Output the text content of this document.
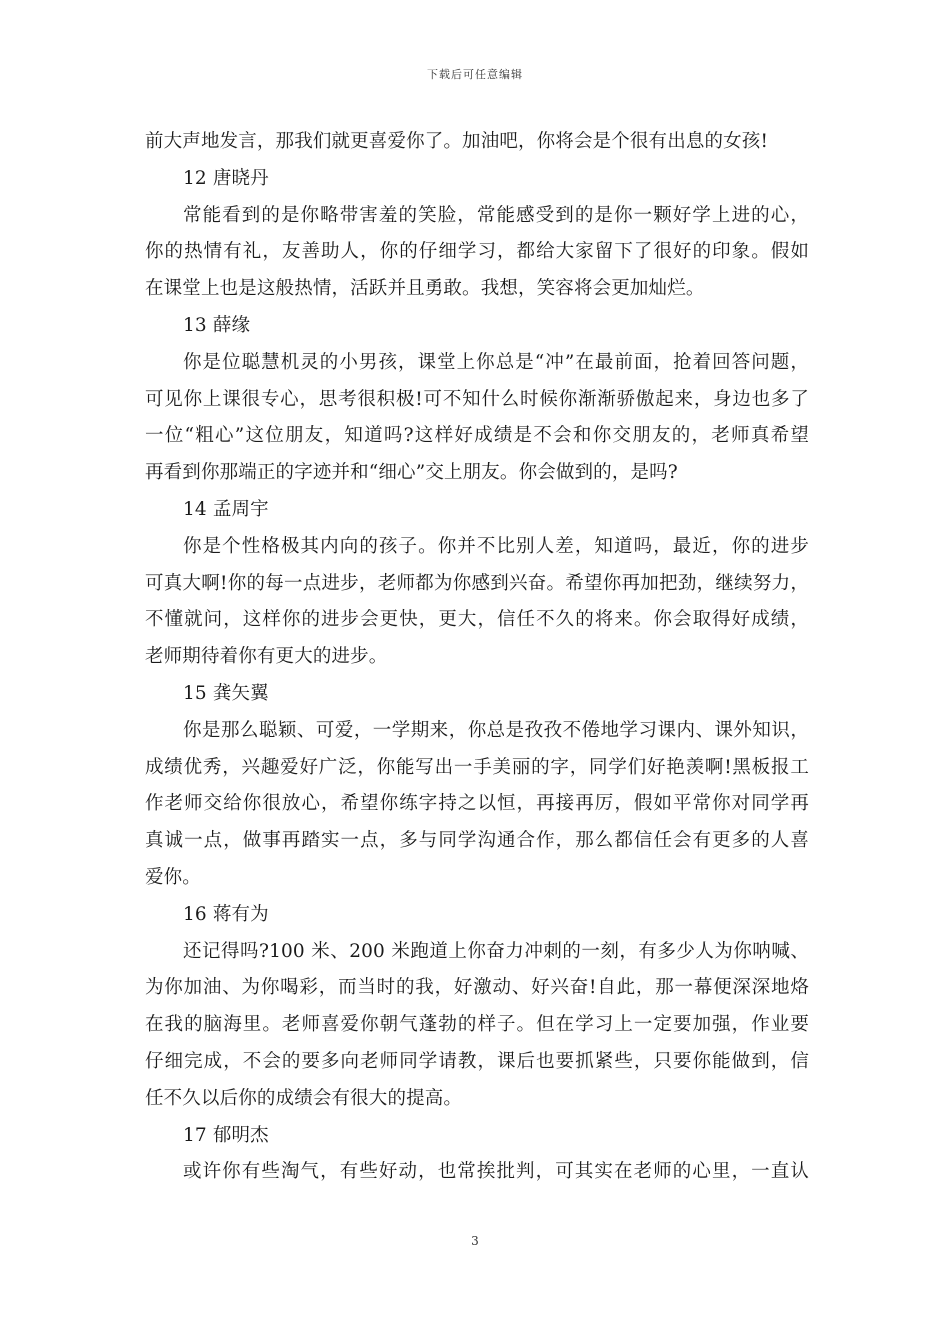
下载后可任意编辑
前大声地发言，那我们就更喜爱你了。加油吧，你将会是个很有出息的女孩!
12 唐晓丹
常能看到的是你略带害羞的笑脸，常能感受到的是你一颗好学上进的心，
你的热情有礼，友善助人，你的仔细学习，都给大家留下了很好的印象。假如
在课堂上也是这般热情，活跃并且勇敢。我想，笑容将会更加灿烂。
13 薛缘
你是位聪慧机灵的小男孩，课堂上你总是“冲”在最前面，抢着回答问题，
可见你上课很专心，思考很积极!可不知什么时候你渐渐骄傲起来，身边也多了
一位“粗心”这位朋友，知道吗?这样好成绩是不会和你交朋友的，老师真希望
再看到你那端正的字迹并和“细心”交上朋友。你会做到的，是吗?
14 孟周宇
你是个性格极其内向的孩子。你并不比别人差，知道吗，最近，你的进步
可真大啊!你的每一点进步，老师都为你感到兴奋。希望你再加把劲，继续努力，
不懂就问，这样你的进步会更快，更大，信任不久的将来。你会取得好成绩，
老师期待着你有更大的进步。
15 龚矢翼
你是那么聪颖、可爱，一学期来，你总是孜孜不倦地学习课内、课外知识，
成绩优秀，兴趣爱好广泛，你能写出一手美丽的字，同学们好艳羡啊!黑板报工
作老师交给你很放心，希望你练字持之以恒，再接再厉，假如平常你对同学再
真诚一点，做事再踏实一点，多与同学沟通合作，那么都信任会有更多的人喜
爱你。
16 蒋有为
还记得吗?100 米、200 米跑道上你奋力冲刺的一刻，有多少人为你呐喊、
为你加油、为你喝彩，而当时的我，好激动、好兴奋!自此，那一幕便深深地烙
在我的脑海里。老师喜爱你朝气蓬勃的样子。但在学习上一定要加强，作业要
仔细完成，不会的要多向老师同学请教，课后也要抓紧些，只要你能做到，信
任不久以后你的成绩会有很大的提高。
17 郁明杰
或许你有些淘气，有些好动，也常挨批判，可其实在老师的心里，一直认
3
